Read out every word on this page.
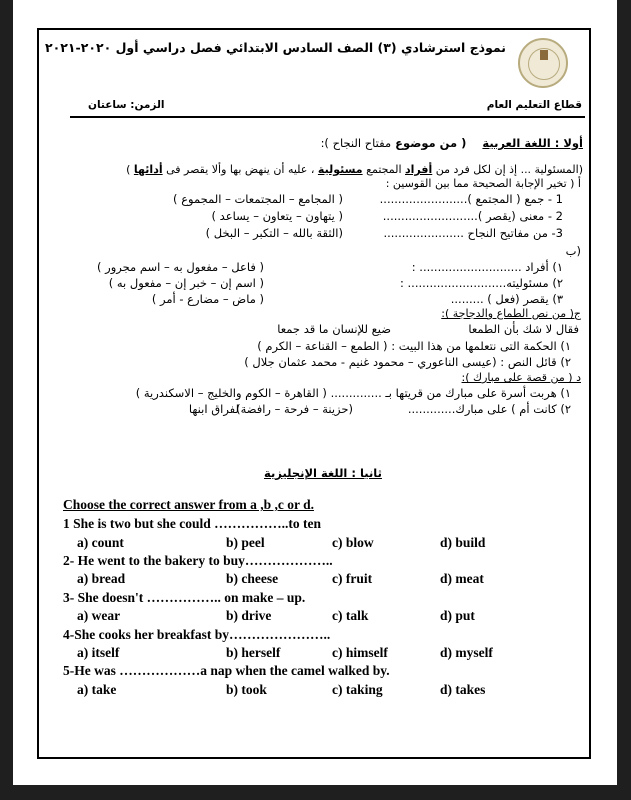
نموذج استرشادي (٣) الصف السادس الابتدائي فصل دراسي أول ٢٠٢٠-٢٠٢١
قطاع التعليم العام
الزمن: ساعتان
أولا : اللغة العربية    ( من موضوع مفتاح النجاح ):
(المسئولية ... إذ إن لكل فرد من أفراد المجتمع مسئولية ، عليه أن ينهض بها وألا يقصر فى أدائها )
أ ( تخير الإجابة الصحيحة مما بين القوسين :
1 - جمع ( المجتمع )........................
( المجامع – المجتمعات – المجموع )
2 - معنى (يقصر )..........................
( يتهاون – يتعاون – يساعد )
3- من مفاتيح النجاح ......................
(الثقة بالله – التكبر – البخل )
(ب
١) أفراد ............................ :
( فاعل – مفعول به – اسم مجرور )
٢) مسئوليته........................... :
( اسم إن – خبر إن – مفعول به )
٣) يقصر (فعل ) .........
( ماض – مضارع - أمر )
ج( من نص الطماع والدجاجة ):
فقال لا شك بأن الطمعا
ضيع للإنسان ما قد جمعا
١) الحكمة التى نتعلمها من هذا البيت : ( الطمع – القناعة – الكرم )
٢) قائل النص : (عيسى الناعوري – محمود غنيم - محمد عثمان جلال )
د ( من قصة على مبارك ):
١) هربت أسرة على مبارك من قريتها بـ .............. ( القاهرة – الكوم والخليج – الاسكندرية )
٢) كانت أم ) على مبارك.............
(حزينة – فرحة – رافضة)
لفراق ابنها
ثانيا : اللغة الإنجليزية
Choose the correct answer from a ,b ,c or d.
1 She is two but she could ……………..to ten
a) count	b) peel	c) blow	d) build
2- He went to the bakery to buy………………..
a) bread	b) cheese	c) fruit	d) meat
3- She doesn't …………….. on make – up.
a) wear	b) drive	c) talk	d) put
4-She cooks her breakfast by…………………..
a) itself	b) herself	c) himself	d) myself
5-He was ………………a nap when the camel walked by.
a) take	b) took	c) taking	d) takes
